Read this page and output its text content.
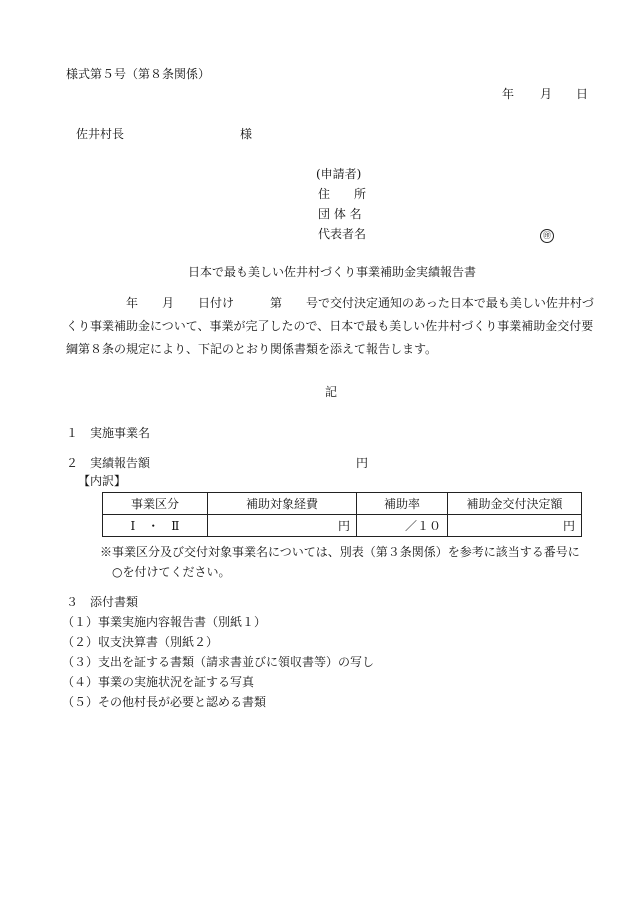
様式第５号（第８条関係）
年 月 日
佐井村長	様
(申請者)
住　　所
団 体 名
代表者名	㊞
日本で最も美しい佐井村づくり事業補助金実績報告書

　　　　　年　　月　　日付け　　　第　　号で交付決定通知のあった日本で最も美しい佐井村づ

くり事業補助金について、事業が完了したので、日本で最も美しい佐井村づくり事業補助金交付要

綱第８条の規定により、下記のとおり関係書類を添えて報告します。

記
１　実施事業名
２　実績報告額	円
【内訳】
事業区分	補助対象経費	補助率	補助金交付決定額
Ⅰ　・　Ⅱ	円	／１０	円
※事業区分及び交付対象事業名については、別表（第３条関係）を参考に該当する番号に
○を付けてください。
３　添付書類
（１）事業実施内容報告書（別紙１）
（２）収支決算書（別紙２）
（３）支出を証する書類（請求書並びに領収書等）の写し
（４）事業の実施状況を証する写真
（５）その他村長が必要と認める書類
